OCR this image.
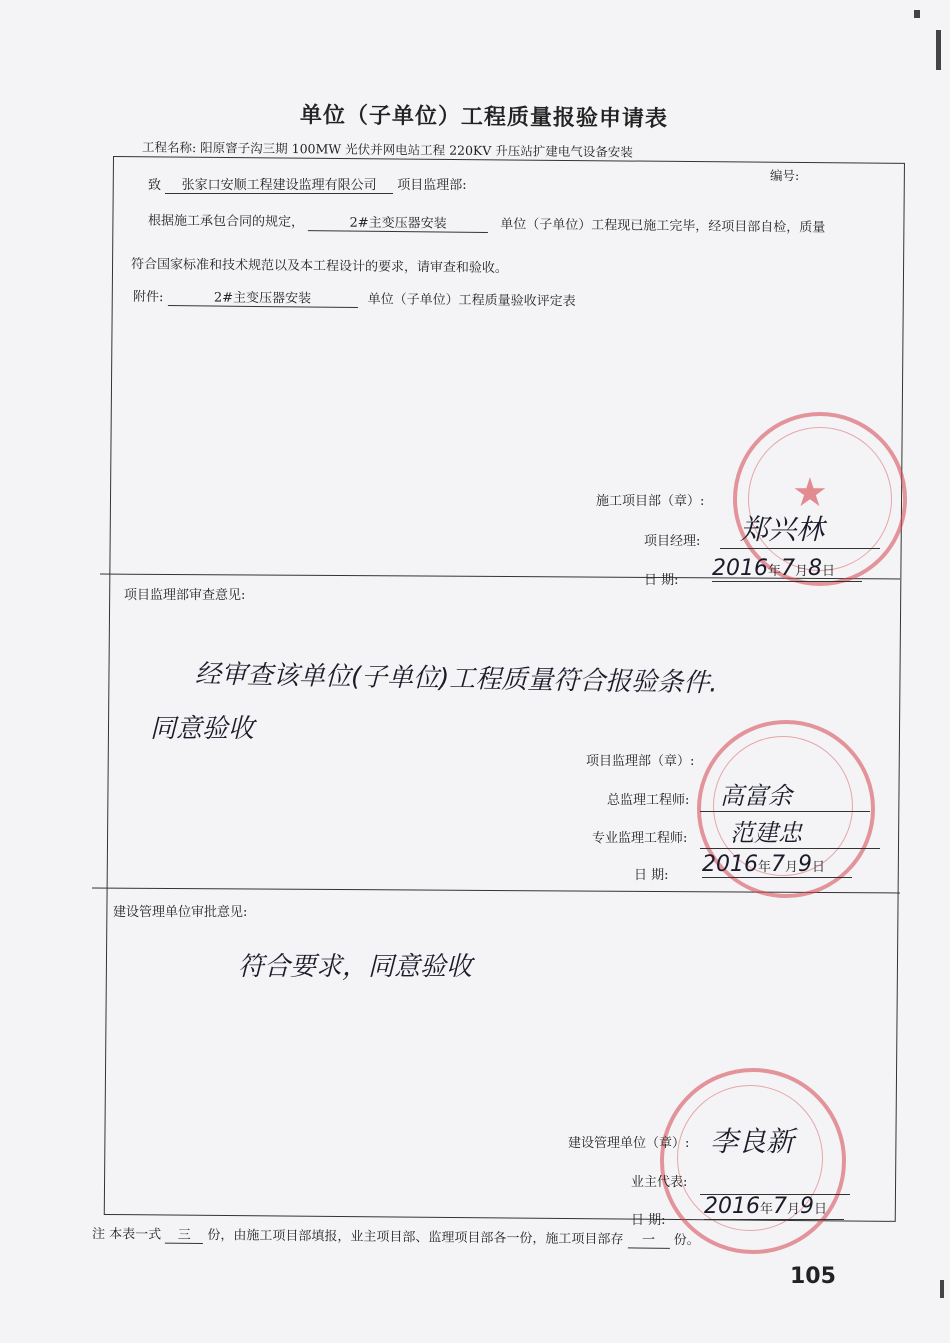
单位（子单位）工程质量报验申请表
工程名称: 阳原窨子沟三期 100MW 光伏并网电站工程 220KV 升压站扩建电气设备安装
编号:
致 张家口安顺工程建设监理有限公司 项目监理部:
根据施工承包合同的规定，	2#主变压器安装	单位（子单位）工程现已施工完毕，经项目部自检，质量
符合国家标准和技术规范以及本工程设计的要求，请审查和验收。
附件:	2#主变压器安装	单位（子单位）工程质量验收评定表
★
施工项目部（章）:
项目经理:	郑兴林
日 期: 2016年7月8日
项目监理部审查意见:
经审查该单位(子单位)工程质量符合报验条件.
同意验收
项目监理部（章）:
总监理工程师:	高富余
专业监理工程师:	范建忠
日 期: 2016年7月9日
建设管理单位审批意见:
符合要求，同意验收
建设管理单位（章）: 李良新
业主代表:
日 期:
2016年7月9日
注 本表一式 三 份，由施工项目部填报，业主项目部、监理项目部各一份，施工项目部存 一 份。
105
